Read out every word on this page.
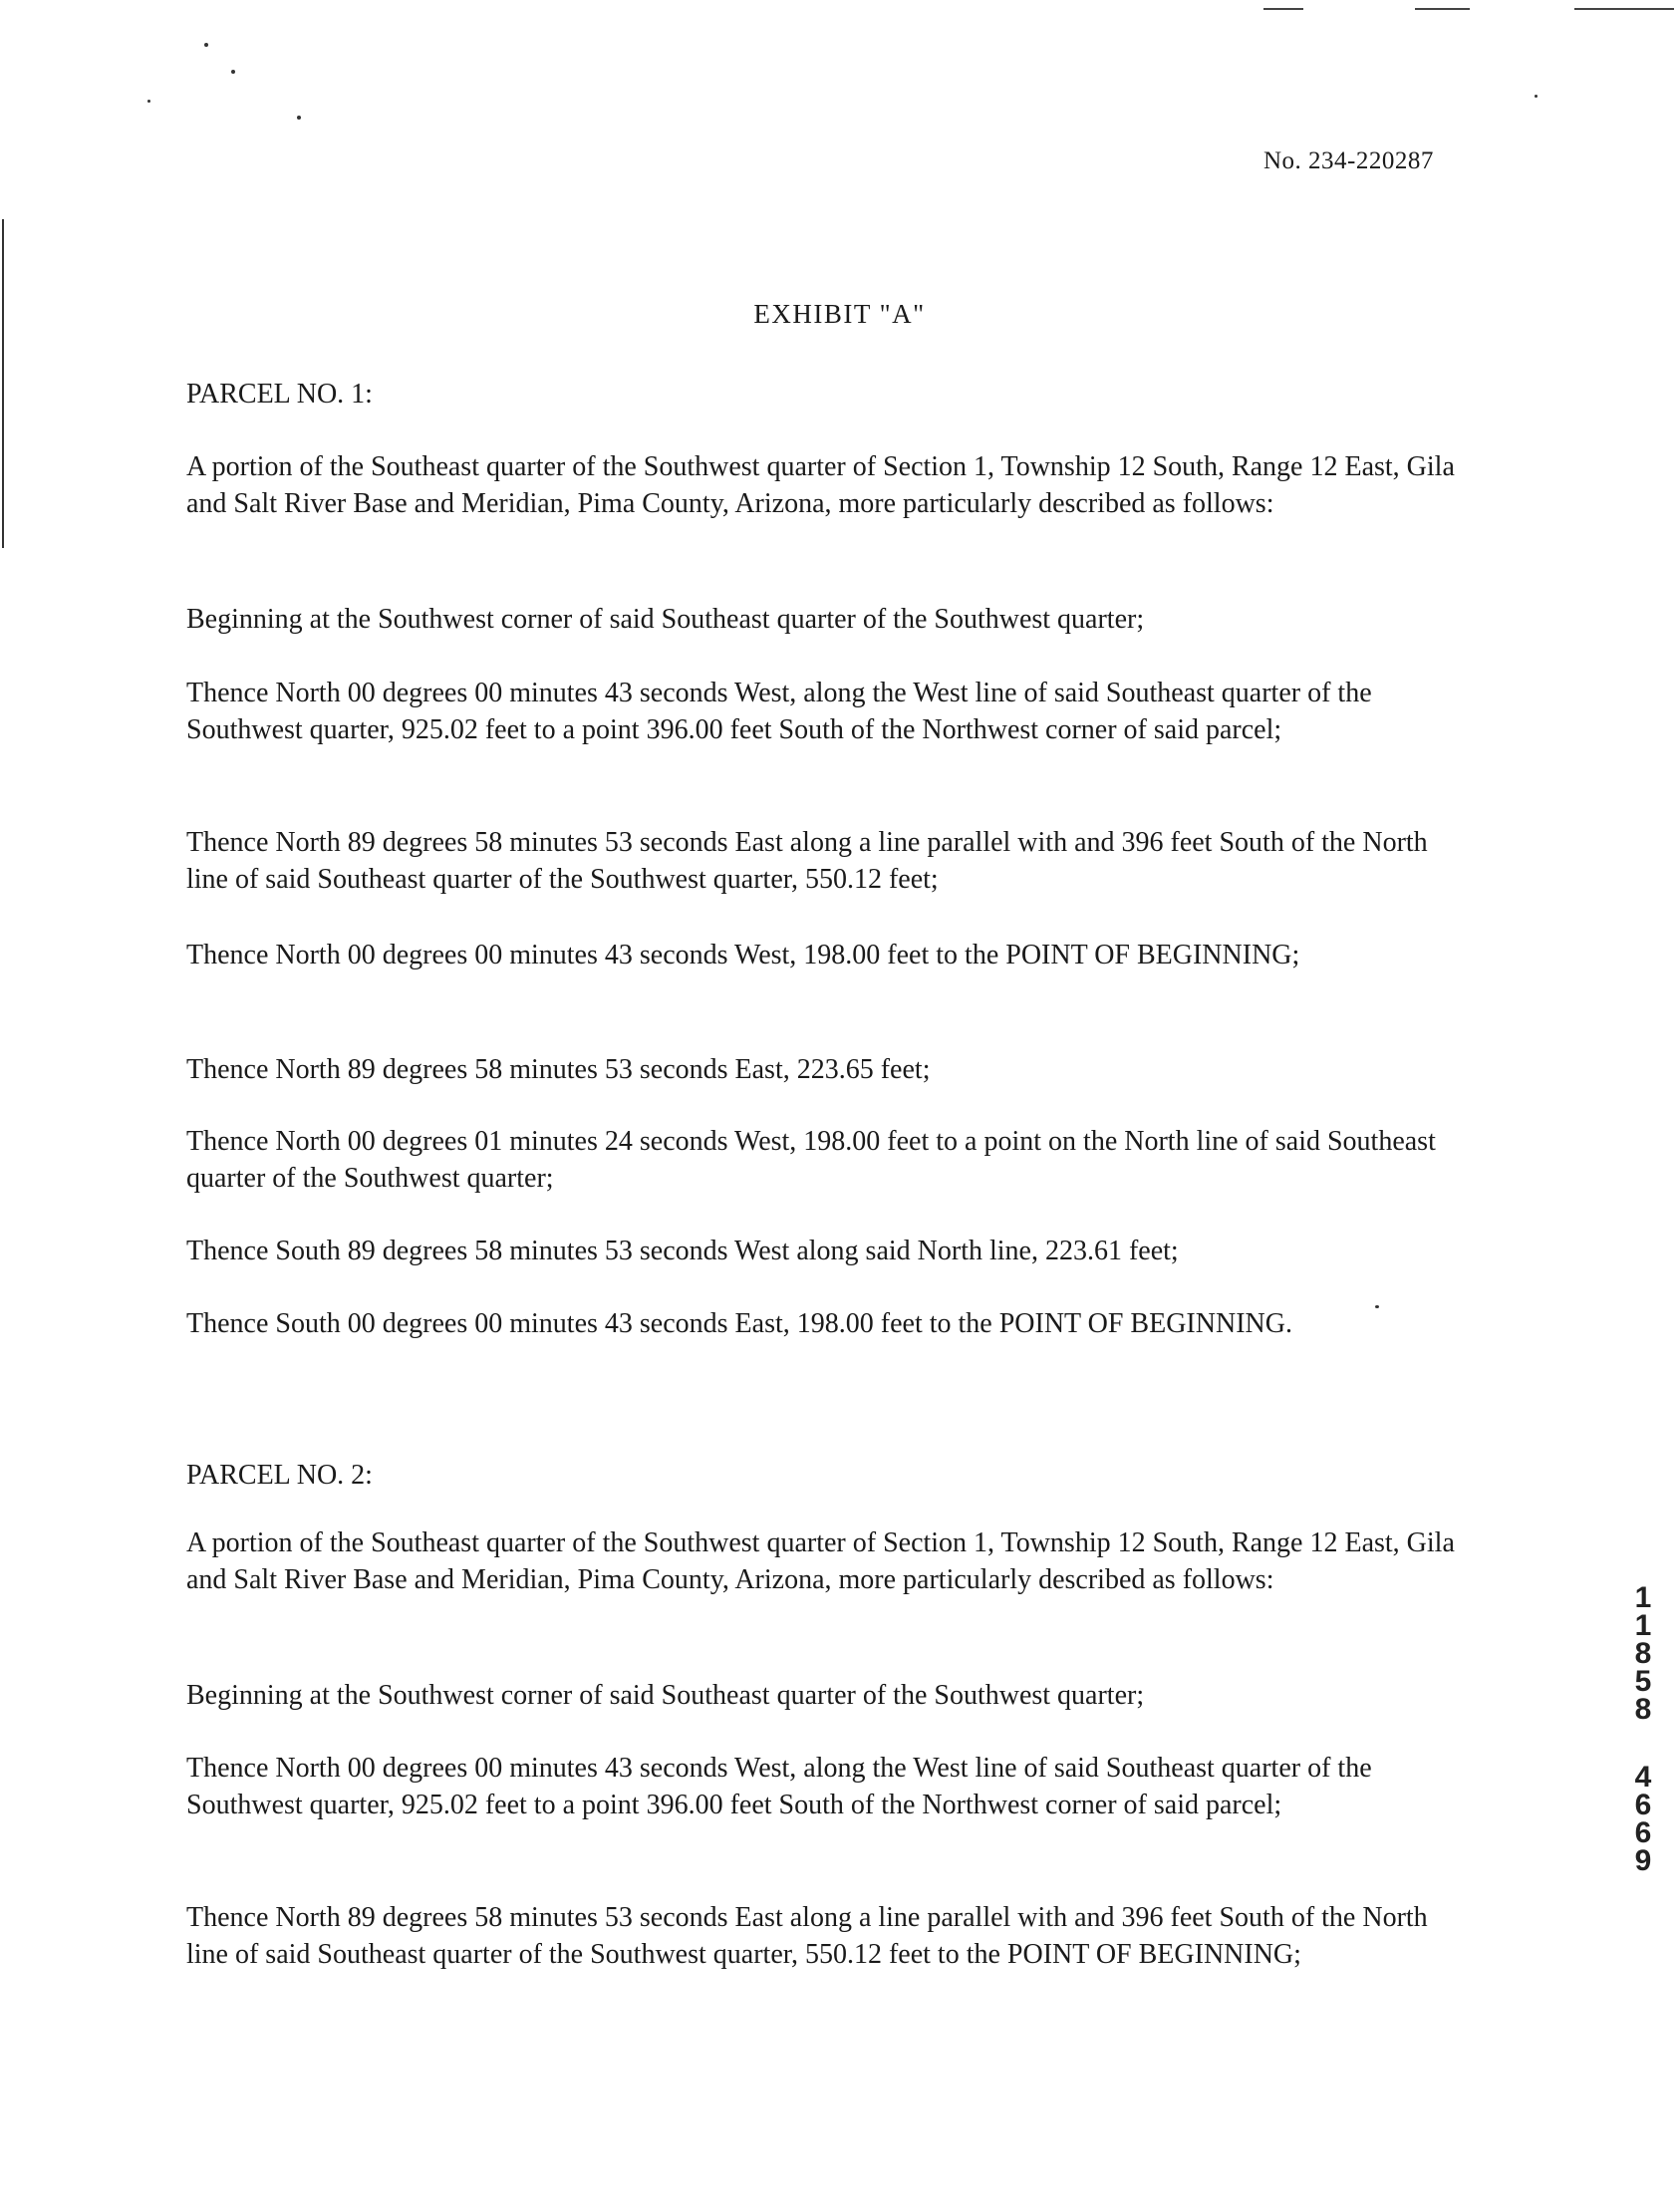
No. 234-220287
EXHIBIT "A"
PARCEL NO. 1:

A portion of the Southeast quarter of the Southwest quarter of Section 1, Township 12 South, Range 12 East, Gila and Salt River Base and Meridian, Pima County, Arizona, more particularly described as follows:

Beginning at the Southwest corner of said Southeast quarter of the Southwest quarter;

Thence North 00 degrees 00 minutes 43 seconds West, along the West line of said Southeast quarter of the Southwest quarter, 925.02 feet to a point 396.00 feet South of the Northwest corner of said parcel;

Thence North 89 degrees 58 minutes 53 seconds East along a line parallel with and 396 feet South of the North line of said Southeast quarter of the Southwest quarter, 550.12 feet;

Thence North 00 degrees 00 minutes 43 seconds West, 198.00 feet to the POINT OF BEGINNING;

Thence North 89 degrees 58 minutes 53 seconds East, 223.65 feet;

Thence North 00 degrees 01 minutes 24 seconds West, 198.00 feet to a point on the North line of said Southeast quarter of the Southwest quarter;

Thence South 89 degrees 58 minutes 53 seconds West along said North line, 223.61 feet;

Thence South 00 degrees 00 minutes 43 seconds East, 198.00 feet to the POINT OF BEGINNING.

PARCEL NO. 2:

A portion of the Southeast quarter of the Southwest quarter of Section 1, Township 12 South, Range 12 East, Gila and Salt River Base and Meridian, Pima County, Arizona, more particularly described as follows:

Beginning at the Southwest corner of said Southeast quarter of the Southwest quarter;

Thence North 00 degrees 00 minutes 43 seconds West, along the West line of said Southeast quarter of the Southwest quarter, 925.02 feet to a point 396.00 feet South of the Northwest corner of said parcel;

Thence North 89 degrees 58 minutes 53 seconds East along a line parallel with and 396 feet South of the North line of said Southeast quarter of the Southwest quarter, 550.12 feet to the POINT OF BEGINNING;

1
1
8
5
8
4
6
6
9
